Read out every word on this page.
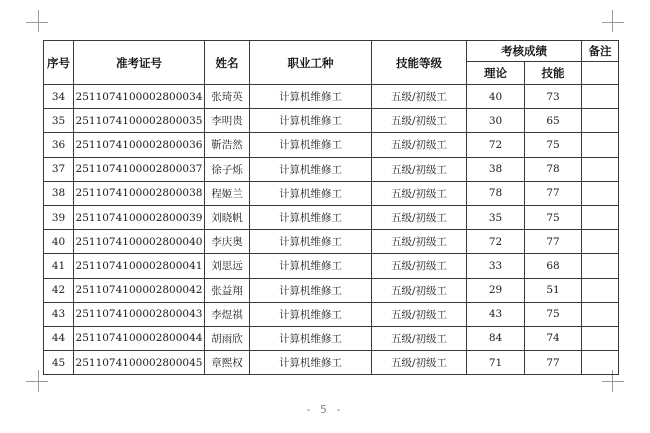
序号	准考证号	姓名	职业工种	技能等级	考核成绩		备注
					理论	技能	
34	2511074100002800034	张琦英	计算机维修工	五级/初级工	40	73	
35	2511074100002800035	李明贵	计算机维修工	五级/初级工	30	65	
36	2511074100002800036	靳浩然	计算机维修工	五级/初级工	72	75	
37	2511074100002800037	徐子烁	计算机维修工	五级/初级工	38	78	
38	2511074100002800038	程姬兰	计算机维修工	五级/初级工	78	77	
39	2511074100002800039	刘晓帆	计算机维修工	五级/初级工	35	75	
40	2511074100002800040	李庆奥	计算机维修工	五级/初级工	72	77	
41	2511074100002800041	刘思远	计算机维修工	五级/初级工	33	68	
42	2511074100002800042	张益翔	计算机维修工	五级/初级工	29	51	
43	2511074100002800043	李煜祺	计算机维修工	五级/初级工	43	75	
44	2511074100002800044	胡雨欣	计算机维修工	五级/初级工	84	74	
45	2511074100002800045	章熙权	计算机维修工	五级/初级工	71	77	
- 5 -
